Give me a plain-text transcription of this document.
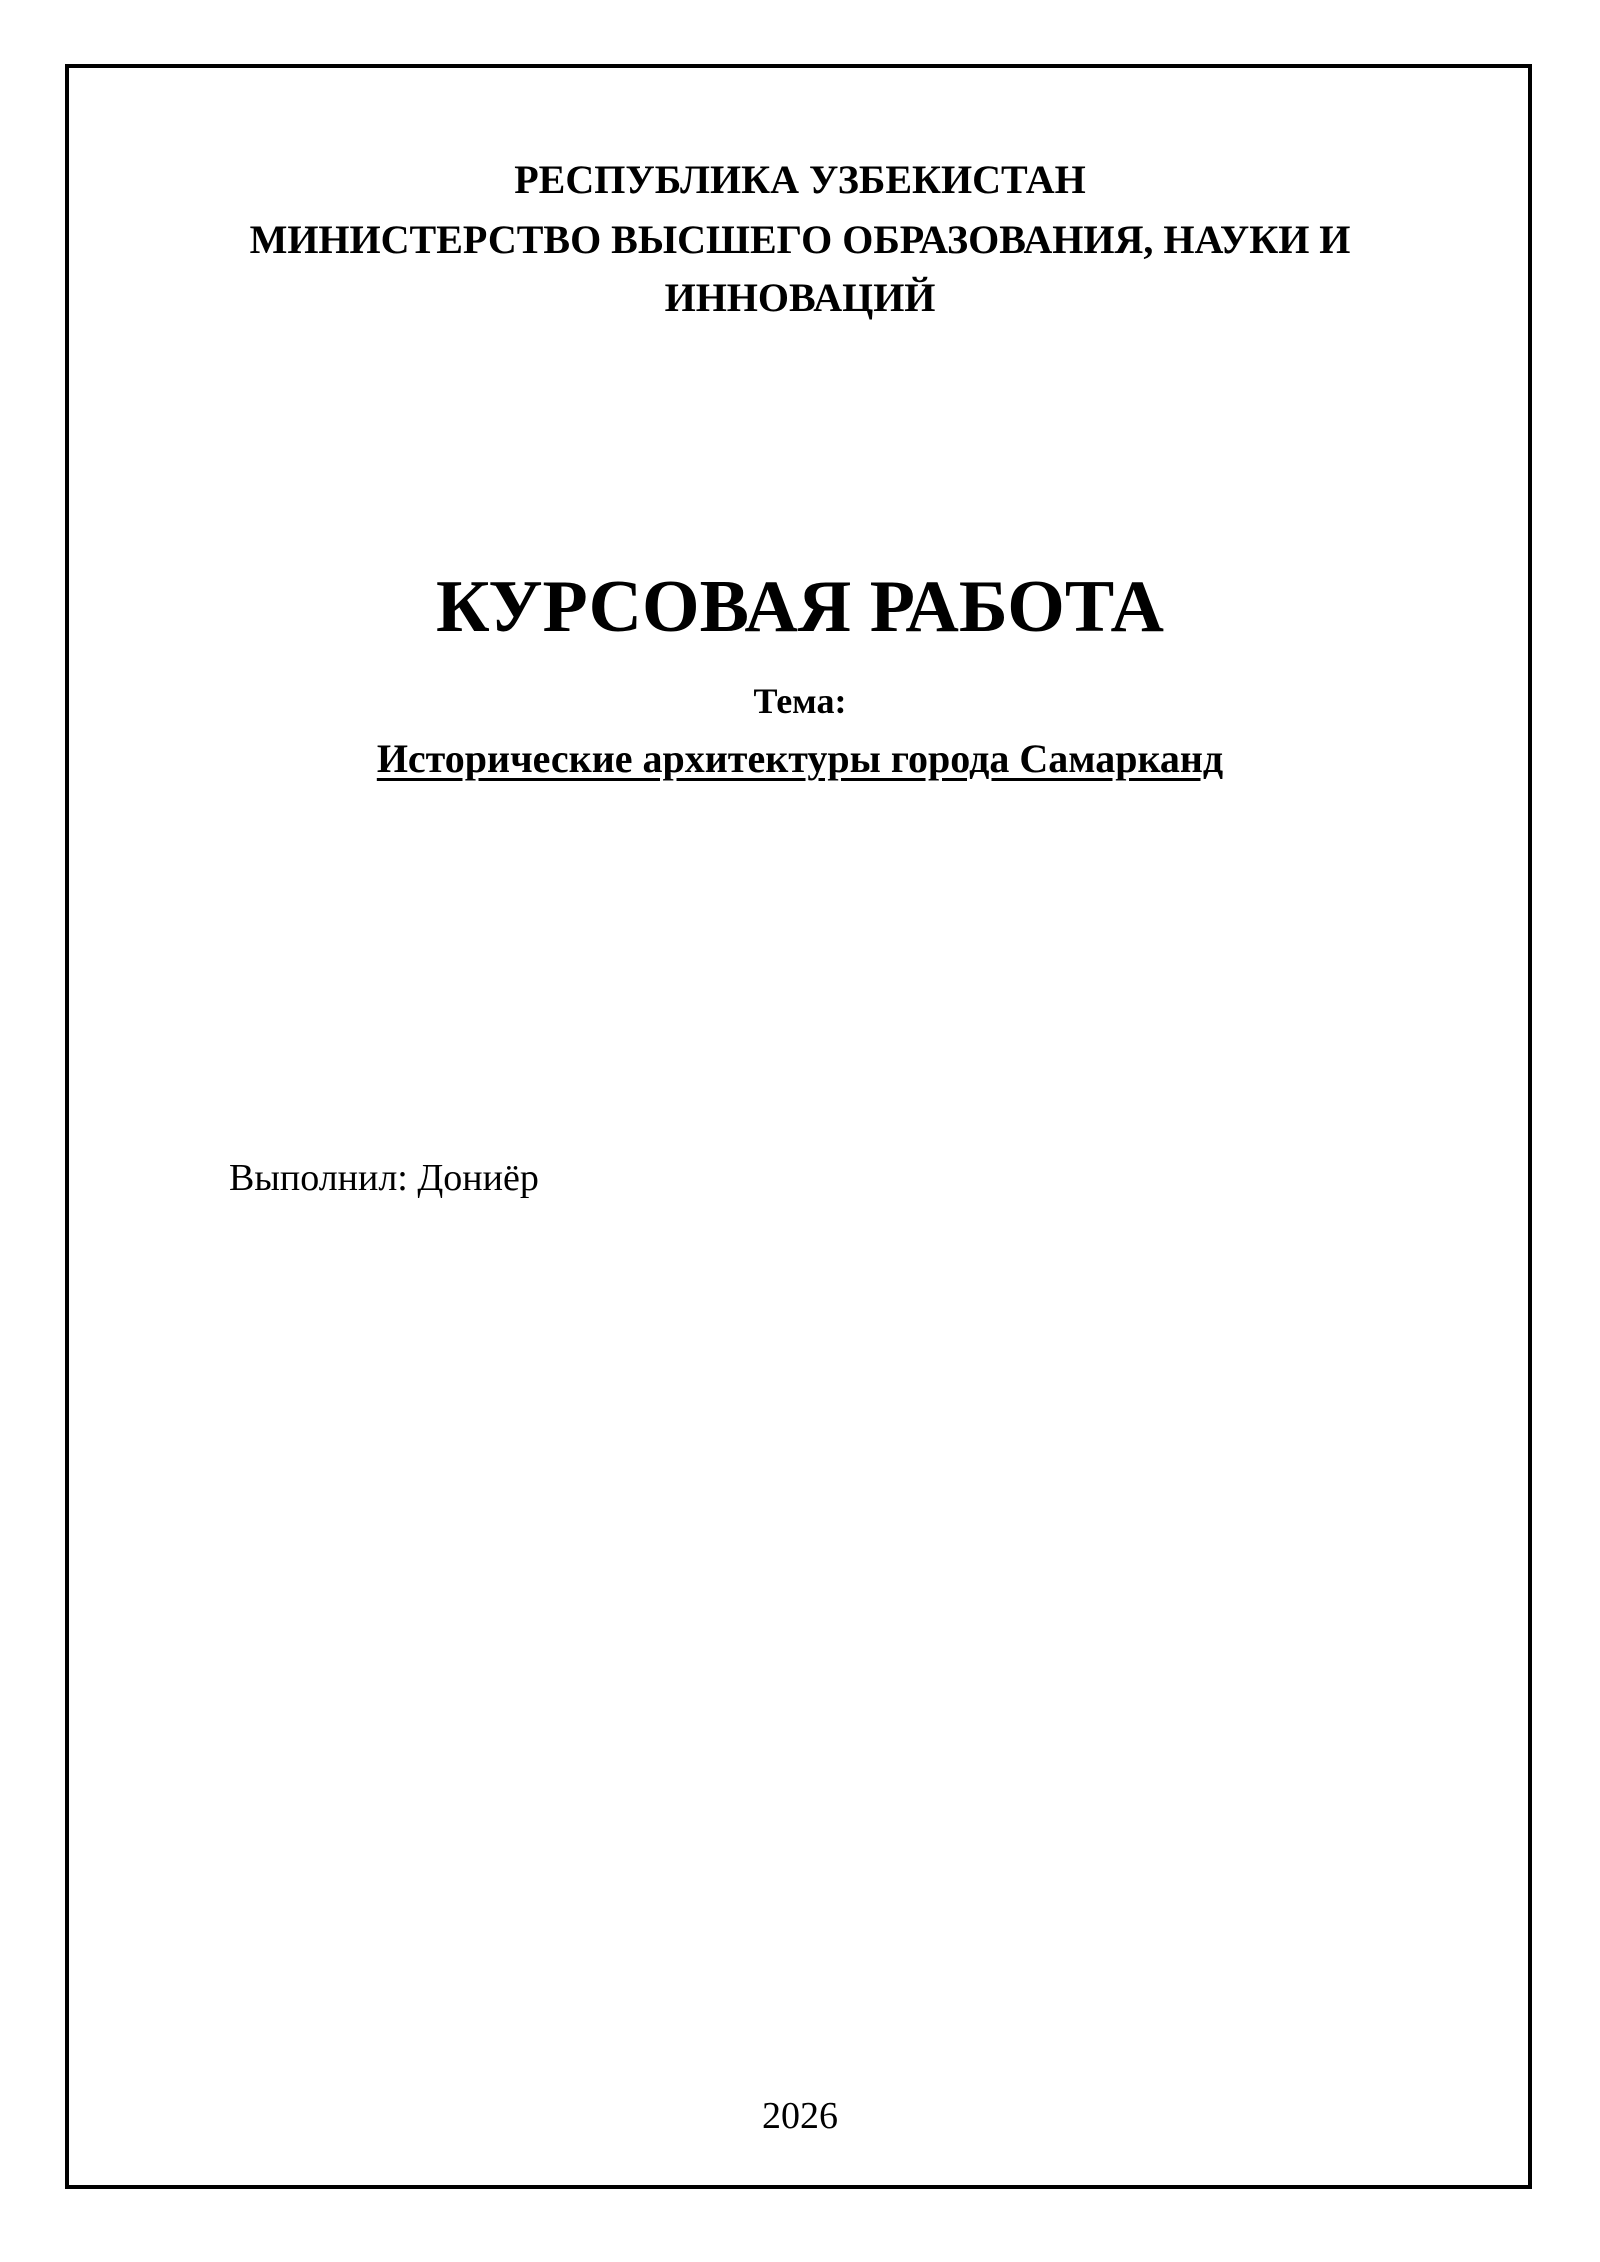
РЕСПУБЛИКА УЗБЕКИСТАН
МИНИСТЕРСТВО ВЫСШЕГО ОБРАЗОВАНИЯ, НАУКИ И
ИННОВАЦИЙ
КУРСОВАЯ РАБОТА
Тема:
Исторические архитектуры города Самарканд
Выполнил: Дониёр
2026
